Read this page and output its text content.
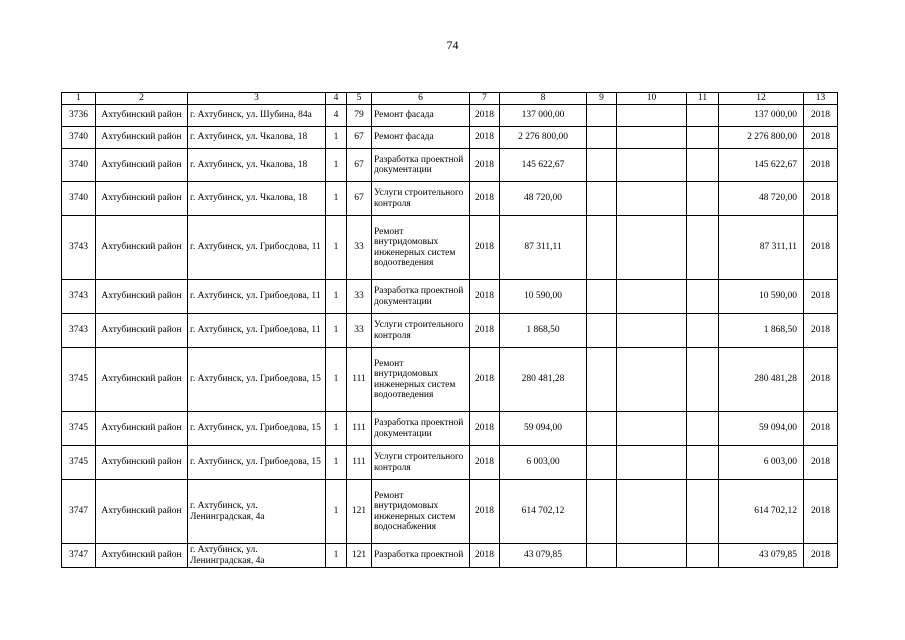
74
1	2	3	4	5	6	7	8	9	10	11	12	13
3736	Ахтубинский район	г. Ахтубинск, ул. Шубина, 84а	4	79	Ремонт фасада	2018	137 000,00				137 000,00	2018
3740	Ахтубинский район	г. Ахтубинск, ул. Чкалова, 18	1	67	Ремонт фасада	2018	2 276 800,00				2 276 800,00	2018
3740	Ахтубинский район	г. Ахтубинск, ул. Чкалова, 18	1	67	Разработка проектной документации	2018	145 622,67				145 622,67	2018
3740	Ахтубинский район	г. Ахтубинск, ул. Чкалова, 18	1	67	Услуги строительного контроля	2018	48 720,00				48 720,00	2018
3743	Ахтубинский район	г. Ахтубинск, ул. Грибосдова, 11	1	33	Ремонт внутридомовых инженерных систем водоотведения	2018	87 311,11				87 311,11	2018
3743	Ахтубинский район	г. Ахтубинск, ул. Грибоедова, 11	1	33	Разработка проектной документации	2018	10 590,00				10 590,00	2018
3743	Ахтубинский район	г. Ахтубинск, ул. Грибоедова, 11	1	33	Услуги строительного контроля	2018	1 868,50				1 868,50	2018
3745	Ахтубинский район	г. Ахтубинск, ул. Грибоедова, 15	1	111	Ремонт внутридомовых инженерных систем водоотведения	2018	280 481,28				280 481,28	2018
3745	Ахтубинский район	г. Ахтубинск, ул. Грибоедова, 15	1	111	Разработка проектной документации	2018	59 094,00				59 094,00	2018
3745	Ахтубинский район	г. Ахтубинск, ул. Грибоедова, 15	1	111	Услуги строительного контроля	2018	6 003,00				6 003,00	2018
3747	Ахтубинский район	г. Ахтубинск, ул. Ленинградская, 4а	1	121	Ремонт внутридомовых инженерных систем водоснабжения	2018	614 702,12				614 702,12	2018
3747	Ахтубинский район	г. Ахтубинск, ул. Ленинградская, 4а	1	121	Разработка проектной	2018	43 079,85				43 079,85	2018
